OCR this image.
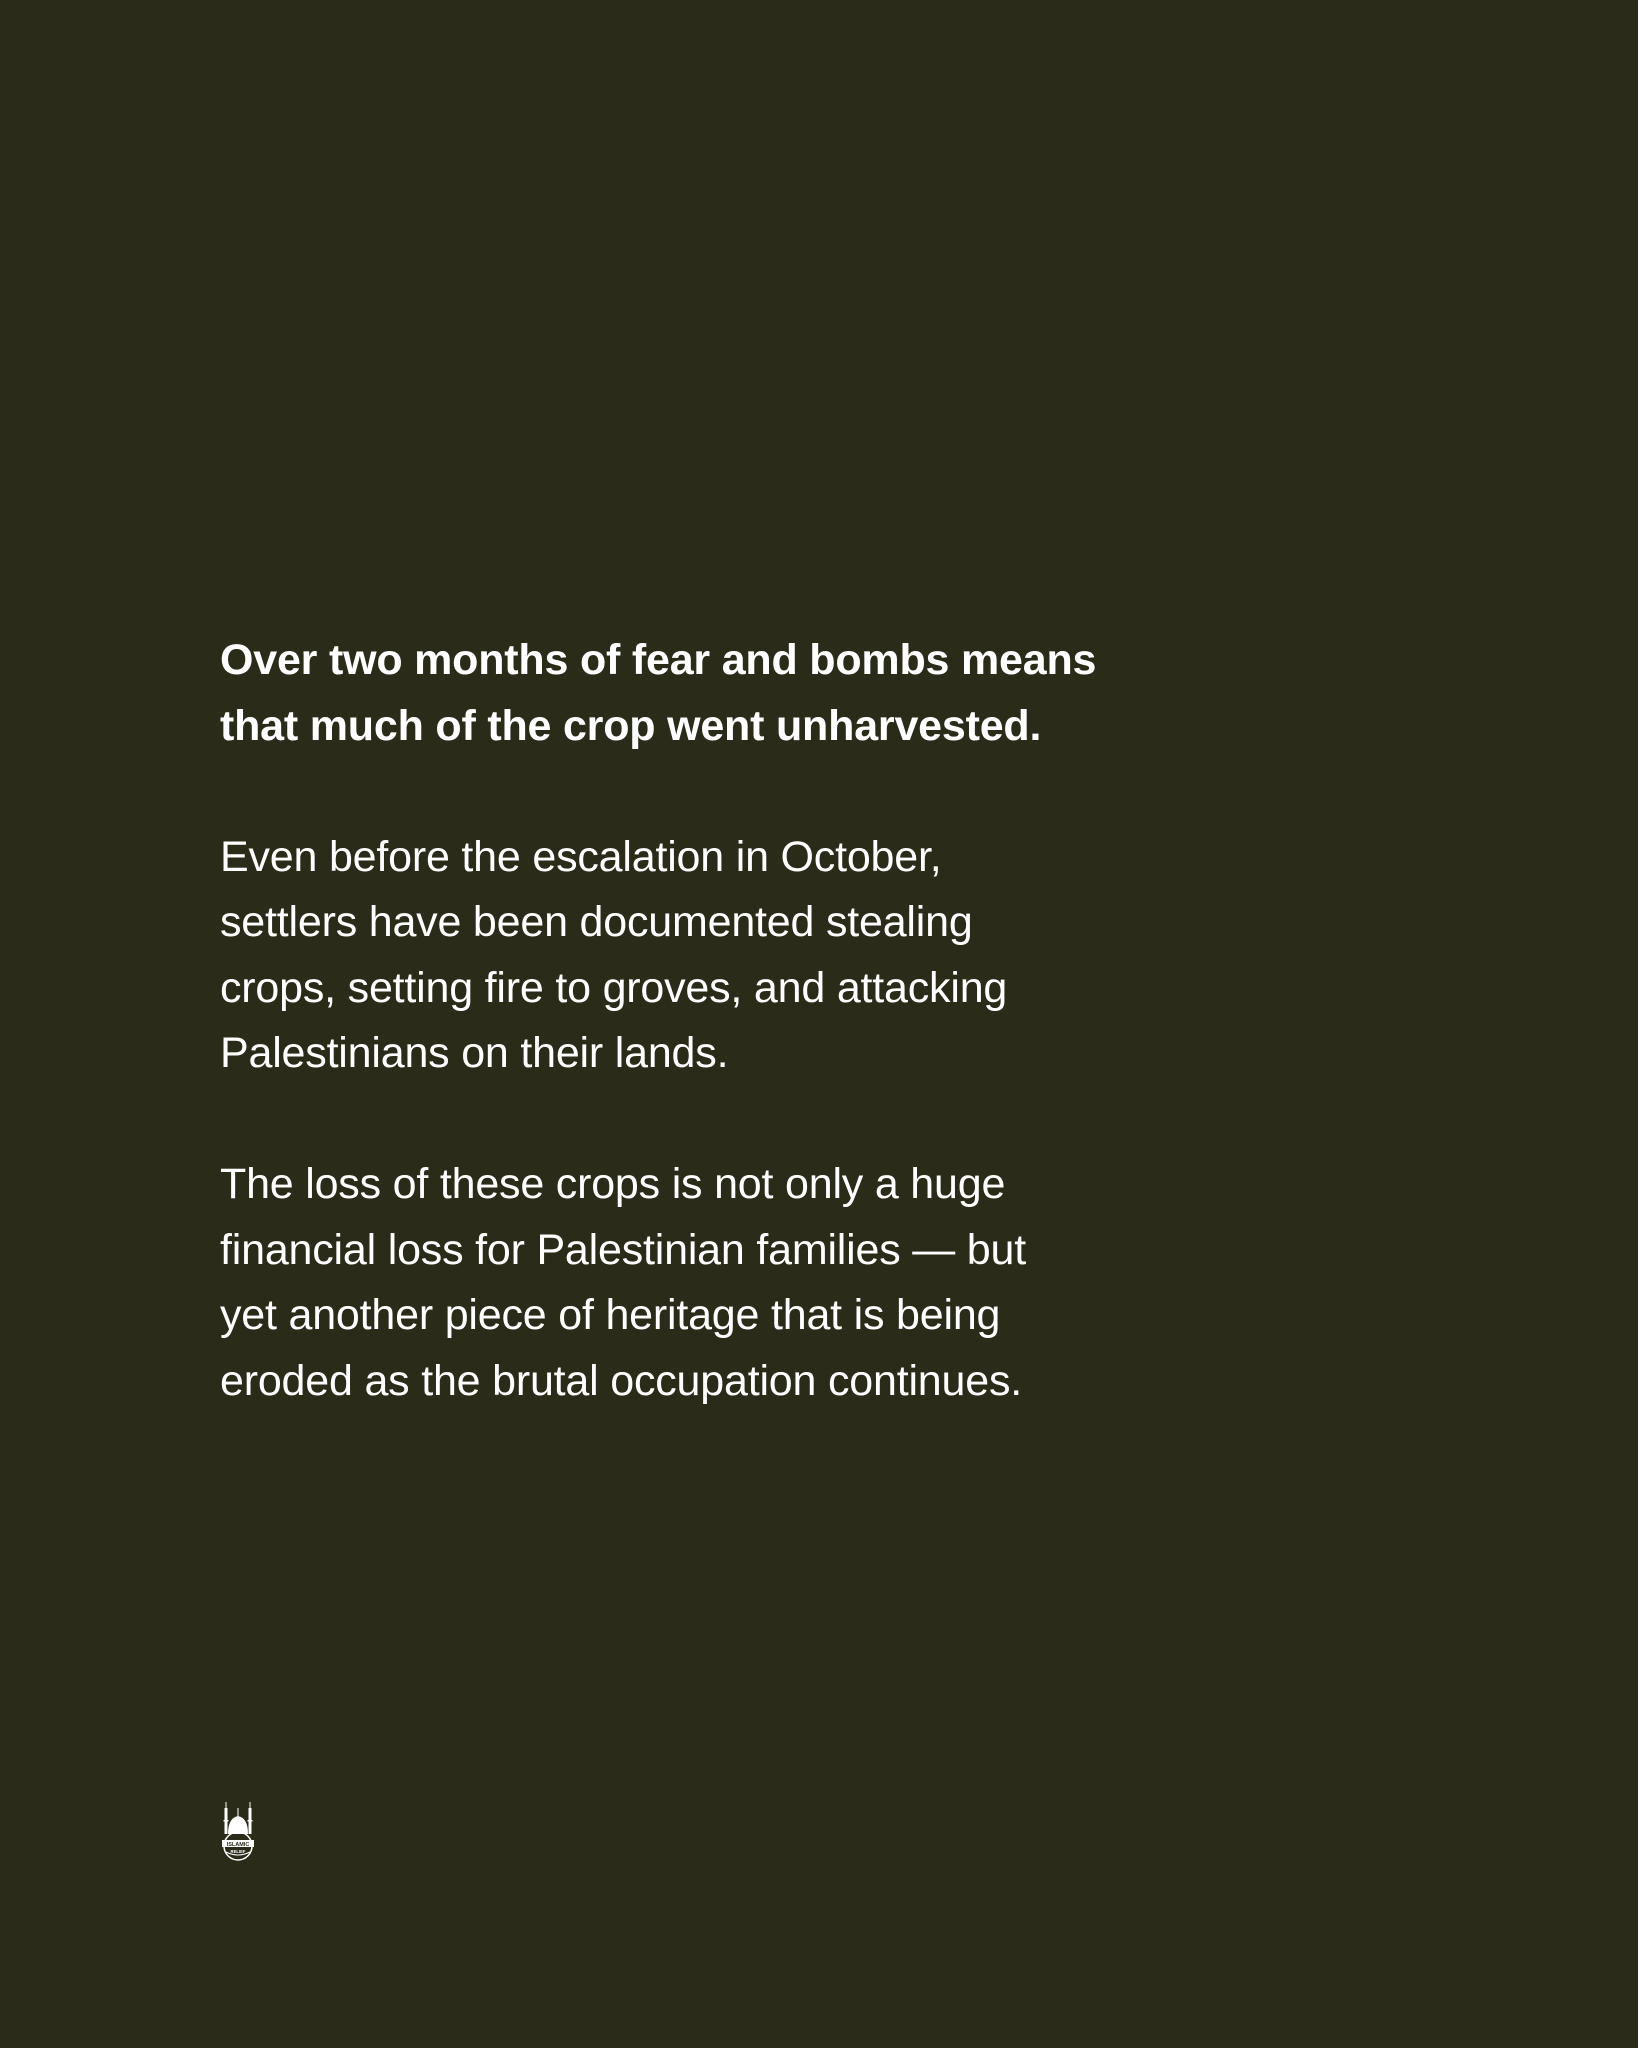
Over two months of fear and bombs means
that much of the crop went unharvested.
Even before the escalation in October,
settlers have been documented stealing
crops, setting fire to groves, and attacking
Palestinians on their lands.
The loss of these crops is not only a huge
financial loss for Palestinian families — but
yet another piece of heritage that is being
eroded as the brutal occupation continues.
ISLAMIC
RELIEF
